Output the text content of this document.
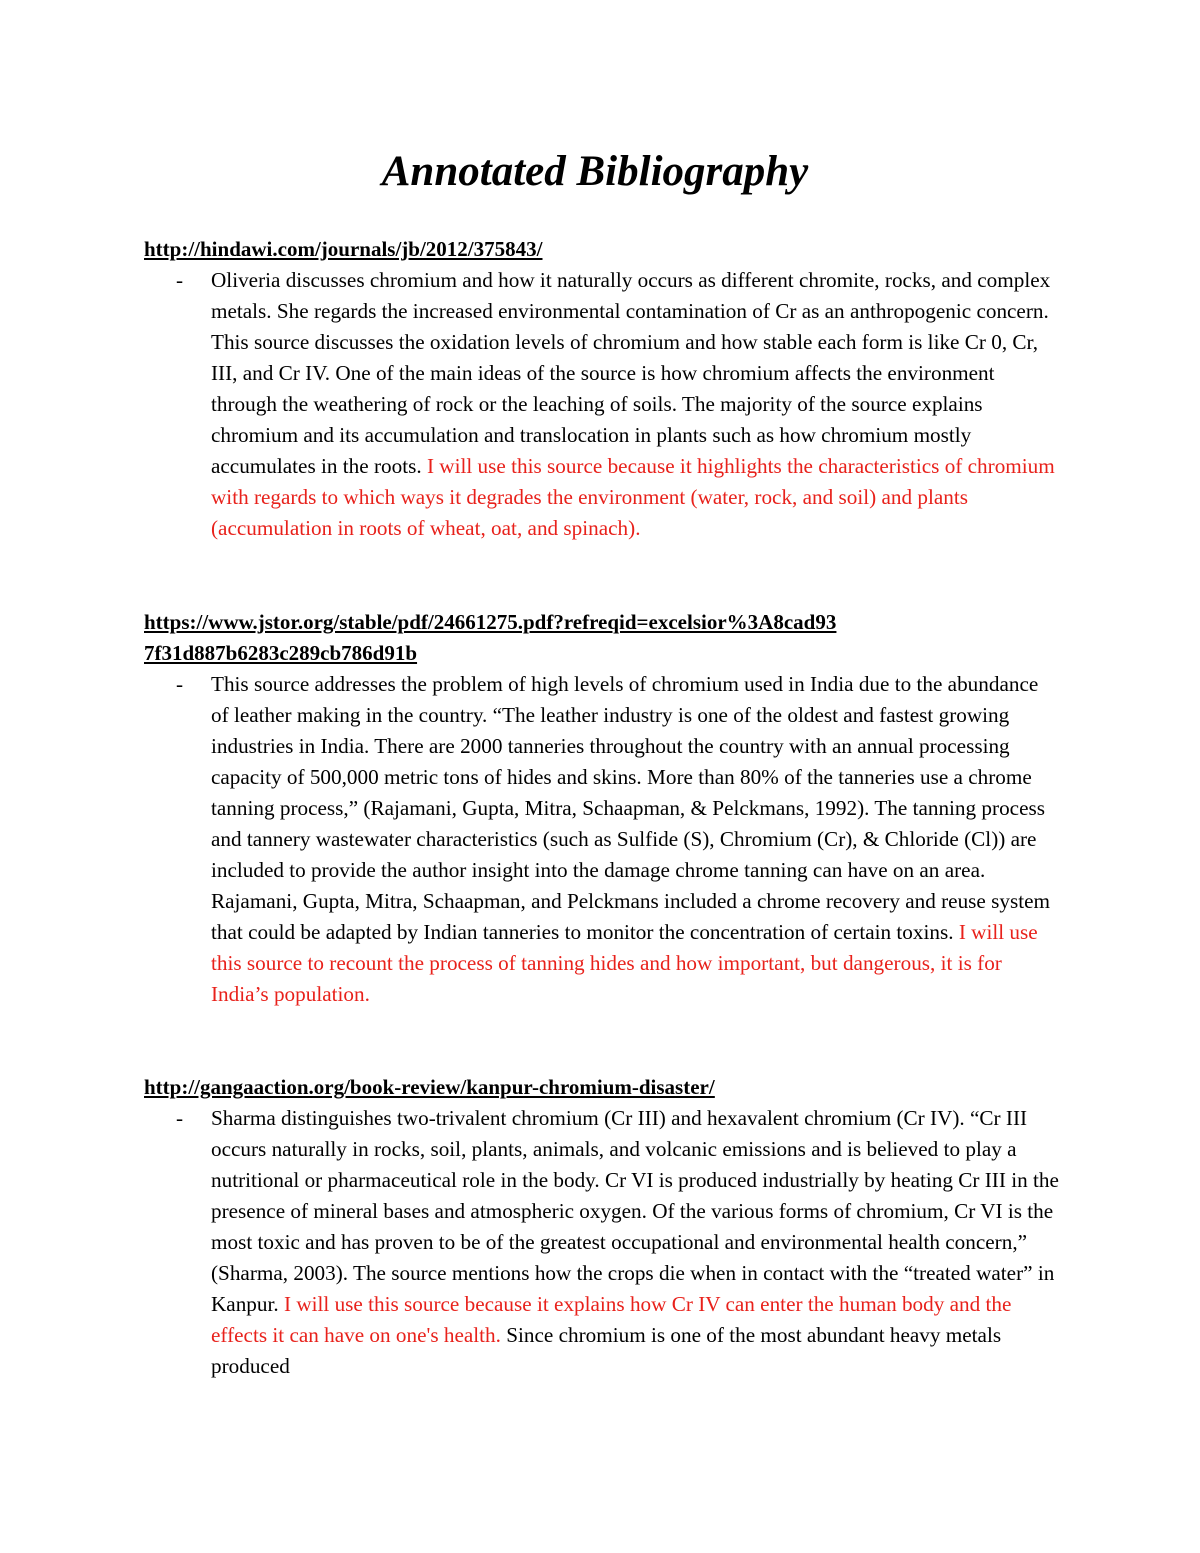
Annotated Bibliography

http://hindawi.com/journals/jb/2012/375843/

- Oliveria discusses chromium and how it naturally occurs as different chromite, rocks, and complex metals. She regards the increased environmental contamination of Cr as an anthropogenic concern. This source discusses the oxidation levels of chromium and how stable each form is like Cr 0, Cr, III, and Cr IV. One of the main ideas of the source is how chromium affects the environment through the weathering of rock or the leaching of soils. The majority of the source explains chromium and its accumulation and translocation in plants such as how chromium mostly accumulates in the roots. I will use this source because it highlights the characteristics of chromium with regards to which ways it degrades the environment (water, rock, and soil) and plants (accumulation in roots of wheat, oat, and spinach).

https://www.jstor.org/stable/pdf/24661275.pdf?refreqid=excelsior%3A8cad937f31d887b6283c289cb786d91b

- This source addresses the problem of high levels of chromium used in India due to the abundance of leather making in the country. “The leather industry is one of the oldest and fastest growing industries in India. There are 2000 tanneries throughout the country with an annual processing capacity of 500,000 metric tons of hides and skins. More than 80% of the tanneries use a chrome tanning process,” (Rajamani, Gupta, Mitra, Schaapman, & Pelckmans, 1992). The tanning process and tannery wastewater characteristics (such as Sulfide (S), Chromium (Cr), & Chloride (Cl)) are included to provide the author insight into the damage chrome tanning can have on an area. Rajamani, Gupta, Mitra, Schaapman, and Pelckmans included a chrome recovery and reuse system that could be adapted by Indian tanneries to monitor the concentration of certain toxins. I will use this source to recount the process of tanning hides and how important, but dangerous, it is for India’s population.

http://gangaaction.org/book-review/kanpur-chromium-disaster/

- Sharma distinguishes two-trivalent chromium (Cr III) and hexavalent chromium (Cr IV). “Cr III occurs naturally in rocks, soil, plants, animals, and volcanic emissions and is believed to play a nutritional or pharmaceutical role in the body. Cr VI is produced industrially by heating Cr III in the presence of mineral bases and atmospheric oxygen. Of the various forms of chromium, Cr VI is the most toxic and has proven to be of the greatest occupational and environmental health concern,” (Sharma, 2003). The source mentions how the crops die when in contact with the “treated water” in Kanpur. I will use this source because it explains how Cr IV can enter the human body and the effects it can have on one's health. Since chromium is one of the most abundant heavy metals produced
